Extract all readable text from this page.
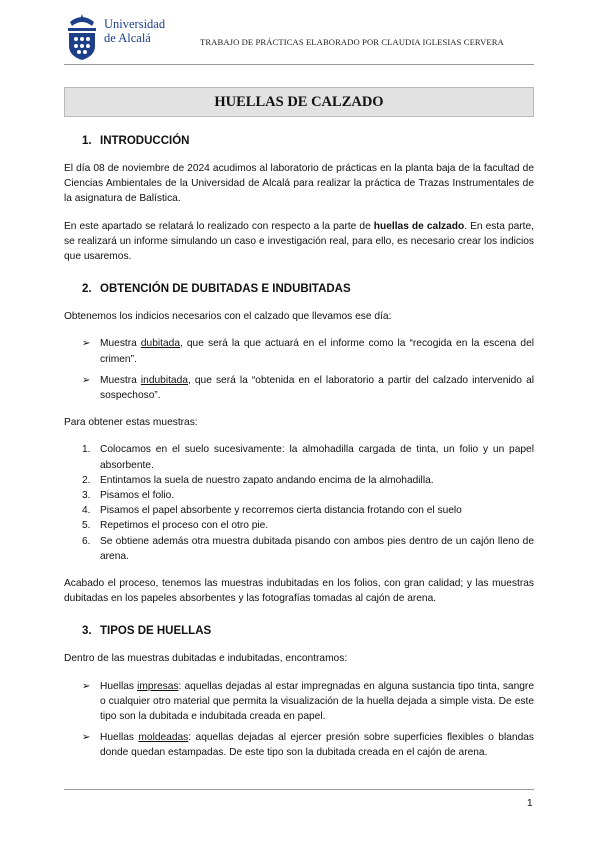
Universidad
de Alcalá	TRABAJO DE PRÁCTICAS ELABORADO POR CLAUDIA IGLESIAS CERVERA
HUELLAS DE CALZADO
1. INTRODUCCIÓN

El día 08 de noviembre de 2024 acudimos al laboratorio de prácticas en la planta baja de la facultad de Ciencias Ambientales de la Universidad de Alcalá para realizar la práctica de Trazas Instrumentales de la asignatura de Balística.

En este apartado se relatará lo realizado con respecto a la parte de huellas de calzado. En esta parte, se realizará un informe simulando un caso e investigación real, para ello, es necesario crear los indicios que usaremos.

2. OBTENCIÓN DE DUBITADAS E INDUBITADAS

Obtenemos los indicios necesarios con el calzado que llevamos ese día:

➢ Muestra dubitada, que será la que actuará en el informe como la “recogida en la escena del crimen”.
➢ Muestra indubitada, que será la “obtenida en el laboratorio a partir del calzado intervenido al sospechoso”.

Para obtener estas muestras:

1. Colocamos en el suelo sucesivamente: la almohadilla cargada de tinta, un folio y un papel absorbente.
2. Entintamos la suela de nuestro zapato andando encima de la almohadilla.
3. Pisamos el folio.
4. Pisamos el papel absorbente y recorremos cierta distancia frotando con el suelo
5. Repetimos el proceso con el otro pie.
6. Se obtiene además otra muestra dubitada pisando con ambos pies dentro de un cajón lleno de arena.

Acabado el proceso, tenemos las muestras indubitadas en los folios, con gran calidad; y las muestras dubitadas en los papeles absorbentes y las fotografías tomadas al cajón de arena.

3. TIPOS DE HUELLAS

Dentro de las muestras dubitadas e indubitadas, encontramos:

➢ Huellas impresas: aquellas dejadas al estar impregnadas en alguna sustancia tipo tinta, sangre o cualquier otro material que permita la visualización de la huella dejada a simple vista. De este tipo son la dubitada e indubitada creada en papel.
➢ Huellas moldeadas: aquellas dejadas al ejercer presión sobre superficies flexibles o blandas donde quedan estampadas. De este tipo son la dubitada creada en el cajón de arena.
1
